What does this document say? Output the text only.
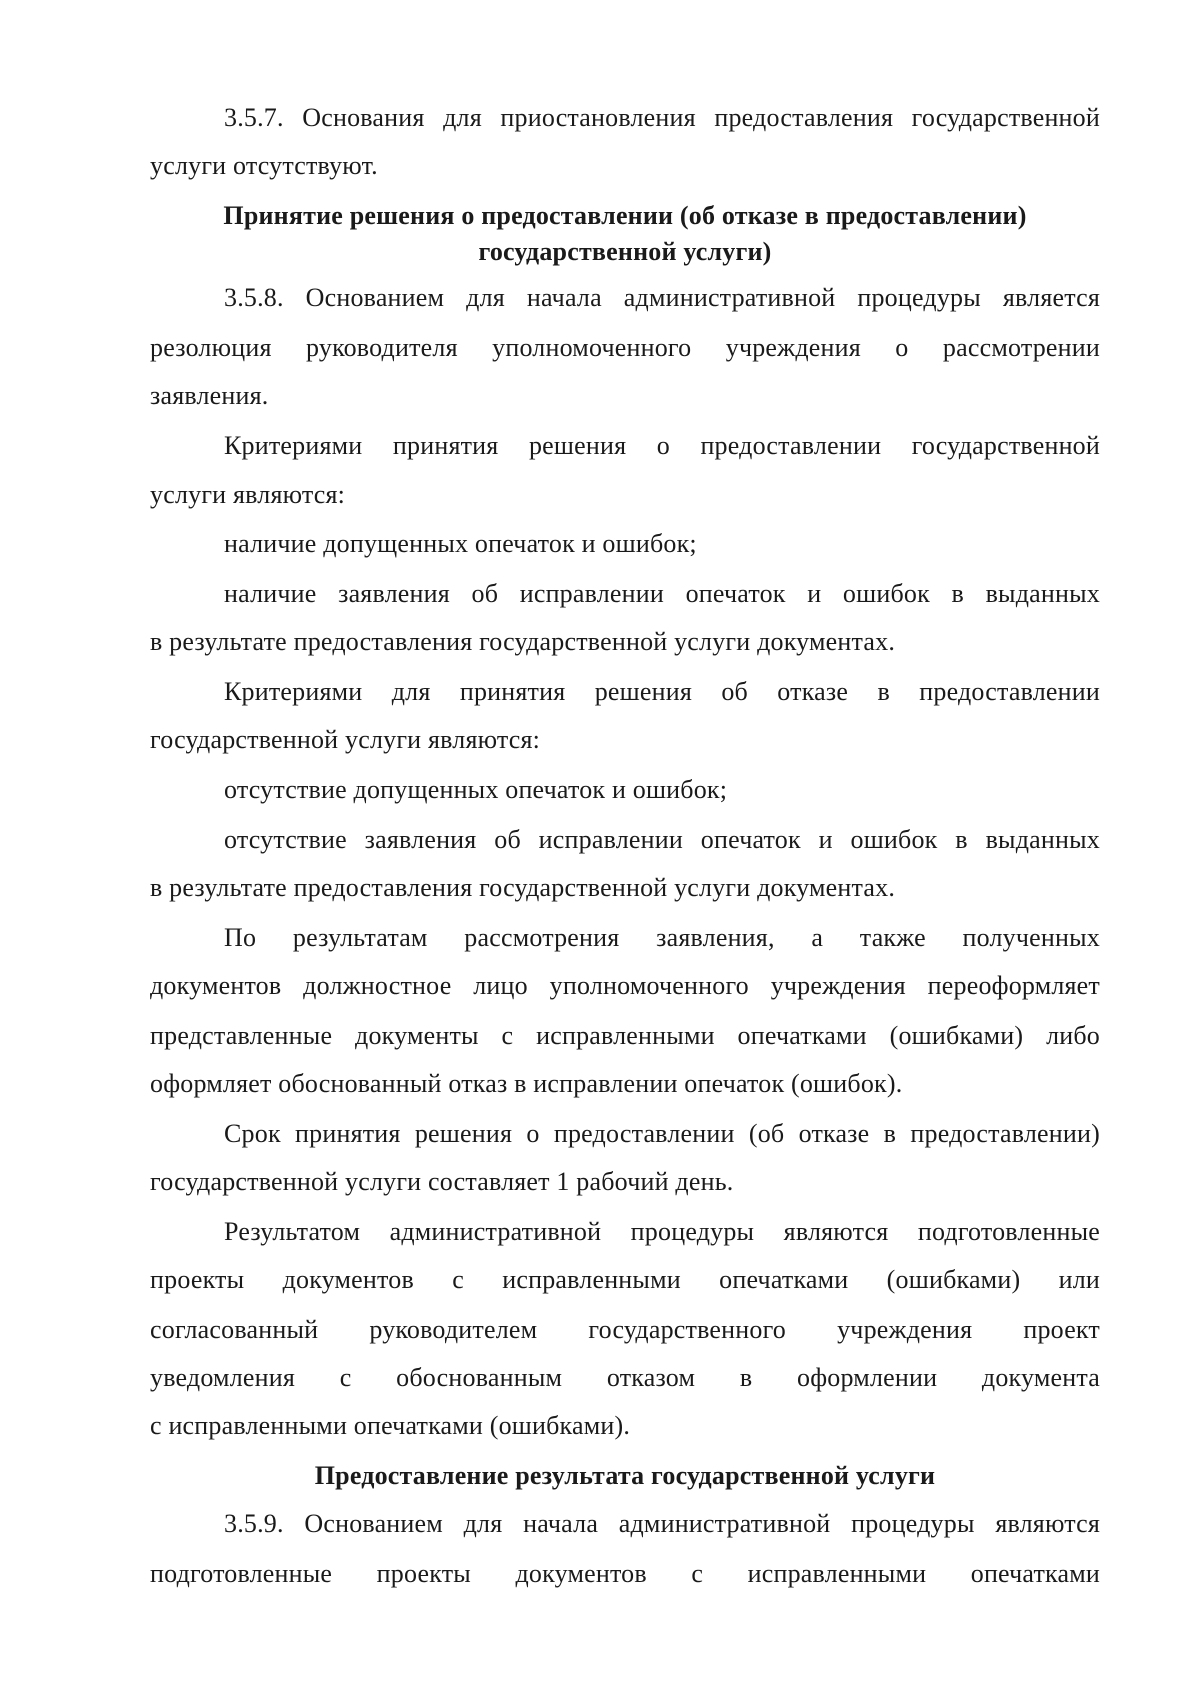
3.5.7. Основания для приостановления предоставления государственной
услуги отсутствуют.
Принятие решения о предоставлении (об отказе в предоставлении)
государственной услуги)
3.5.8. Основанием для начала административной процедуры является
резолюция руководителя уполномоченного учреждения о рассмотрении
заявления.
Критериями принятия решения о предоставлении государственной
услуги являются:
наличие допущенных опечаток и ошибок;
наличие заявления об исправлении опечаток и ошибок в выданных
в результате предоставления государственной услуги документах.
Критериями для принятия решения об отказе в предоставлении
государственной услуги являются:
отсутствие допущенных опечаток и ошибок;
отсутствие заявления об исправлении опечаток и ошибок в выданных
в результате предоставления государственной услуги документах.
По результатам рассмотрения заявления, а также полученных
документов должностное лицо уполномоченного учреждения переоформляет
представленные документы с исправленными опечатками (ошибками) либо
оформляет обоснованный отказ в исправлении опечаток (ошибок).
Срок принятия решения о предоставлении (об отказе в предоставлении)
государственной услуги составляет 1 рабочий день.
Результатом административной процедуры являются подготовленные
проекты документов с исправленными опечатками (ошибками) или
согласованный руководителем государственного учреждения проект
уведомления с обоснованным отказом в оформлении документа
с исправленными опечатками (ошибками).
Предоставление результата государственной услуги
3.5.9. Основанием для начала административной процедуры являются
подготовленные проекты документов с исправленными опечатками
